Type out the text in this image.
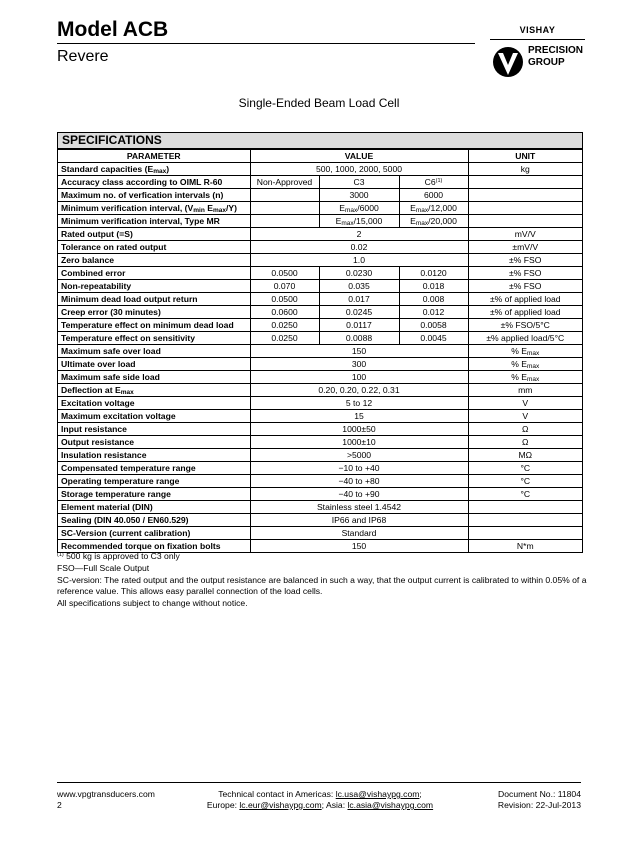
Model ACB
Revere
VISHAY
PRECISION
GROUP
Single-Ended Beam Load Cell
SPECIFICATIONS
PARAMETER	VALUE			UNIT
Standard capacities $(E_{max})$	500, 1000, 2000, 5000			kg
Accuracy class according to OIML R-60	Non-Approved	C3	C6$^{(1)}$	
Maximum no. of verfication intervals (n)		3000	6000	
Minimum verification interval, ($V_{min}$ $E_{max}/Y$)		$E_{max}/6000$	$E_{max}/12,000$	
Minimum verification interval, Type MR		$E_{max}/15,000$	$E_{max}/20,000$	
Rated output (=S)	2			mV/V
Tolerance on rated output	0.02			±mV/V
Zero balance	1.0			±% FSO
Combined error	0.0500	0.0230	0.0120	±% FSO
Non-repeatability	0.070	0.035	0.018	±% FSO
Minimum dead load output return	0.0500	0.017	0.008	±% of applied load
Creep error (30 minutes)	0.0600	0.0245	0.012	±% of applied load
Temperature effect on minimum dead load	0.0250	0.0117	0.0058	±% FSO/5°C
Temperature effect on sensitivity	0.0250	0.0088	0.0045	±% applied load/5°C
Maximum safe over load	150			% $E_{max}$
Ultimate over load	300			% $E_{max}$
Maximum safe side load	100			% $E_{max}$
Deflection at $E_{max}$	0.20, 0.20, 0.22, 0.31			mm
Excitation voltage	5 to 12			V
Maximum excitation voltage	15			V
Input resistance	1000±50			Ω
Output resistance	1000±10			Ω
Insulation resistance	>5000			MΩ
Compensated temperature range	−10 to +40			°C
Operating temperature range	−40 to +80			°C
Storage temperature range	−40 to +90			°C
Element material (DIN)	Stainless steel 1.4542			
Sealing (DIN 40.050 / EN60.529)	IP66 and IP68			
SC-Version (current calibration)	Standard			
Recommended torque on fixation bolts	150			N*m

$^{(1)}$ 500 kg is approved to C3 only

FSO—Full Scale Output

SC-version: The rated output and the output resistance are balanced in such a way, that the output current is calibrated to within 0.05% of a reference value. This allows easy parallel connection of the load cells.

All specifications subject to change without notice.

www.vpgtransducers.com
2
Technical contact in Americas: lc.usa@vishaypg.com;
Europe: lc.eur@vishaypg.com; Asia: lc.asia@vishaypg.com
Document No.: 11804
Revision: 22-Jul-2013
